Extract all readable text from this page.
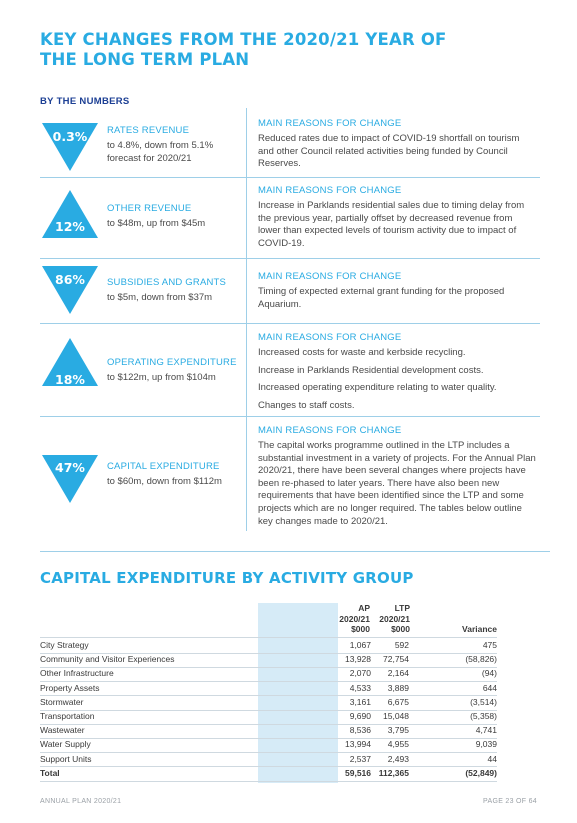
KEY CHANGES FROM THE 2020/21 YEAR OF
THE LONG TERM PLAN
BY THE NUMBERS
0.3%	RATES REVENUE
to 4.8%, down from 5.1% forecast for 2020/21
MAIN REASONS FOR CHANGE

Reduced rates due to impact of COVID-19 shortfall on tourism and other Council related activities being funded by Council Reserves.

12%
OTHER REVENUE
to $48m, up from $45m
MAIN REASONS FOR CHANGE

Increase in Parklands residential sales due to timing delay from the previous year, partially offset by decreased revenue from lower than expected levels of tourism activity due to impact of COVID-19.

86%	SUBSIDIES AND GRANTS
to $5m, down from $37m
MAIN REASONS FOR CHANGE

Timing of expected external grant funding for the proposed Aquarium.

18%
OPERATING EXPENDITURE
to $122m, up from $104m
MAIN REASONS FOR CHANGE

Increased costs for waste and kerbside recycling.

Increase in Parklands Residential development costs.

Increased operating expenditure relating to water quality.

Changes to staff costs.

47%	CAPITAL EXPENDITURE
to $60m, down from $112m
MAIN REASONS FOR CHANGE

The capital works programme outlined in the LTP includes a substantial investment in a variety of projects. For the Annual Plan 2020/21, there have been several changes where projects have been re-phased to later years. There have also been new requirements that have been identified since the LTP and some projects which are no longer required. The tables below outline key changes made to 2020/21.

CAPITAL EXPENDITURE BY ACTIVITY GROUP
AP
2020/21
$000
LTP
2020/21
$000	Variance
City Strategy	1,067	592	475
Community and Visitor Experiences	13,928 72,754	(58,826)
Other Infrastructure	2,070 2,164	(94)
Property Assets	4,533 3,889	644
Stormwater	3,161 6,675	(3,514)
Transportation	9,690 15,048	(5,358)
Wastewater	8,536 3,795	4,741
Water Supply	13,994 4,955	9,039
Support Units	2,537 2,493	44
Total	59,516 112,365	(52,849)
ANNUAL PLAN 2020/21	PAGE 23 OF 64
